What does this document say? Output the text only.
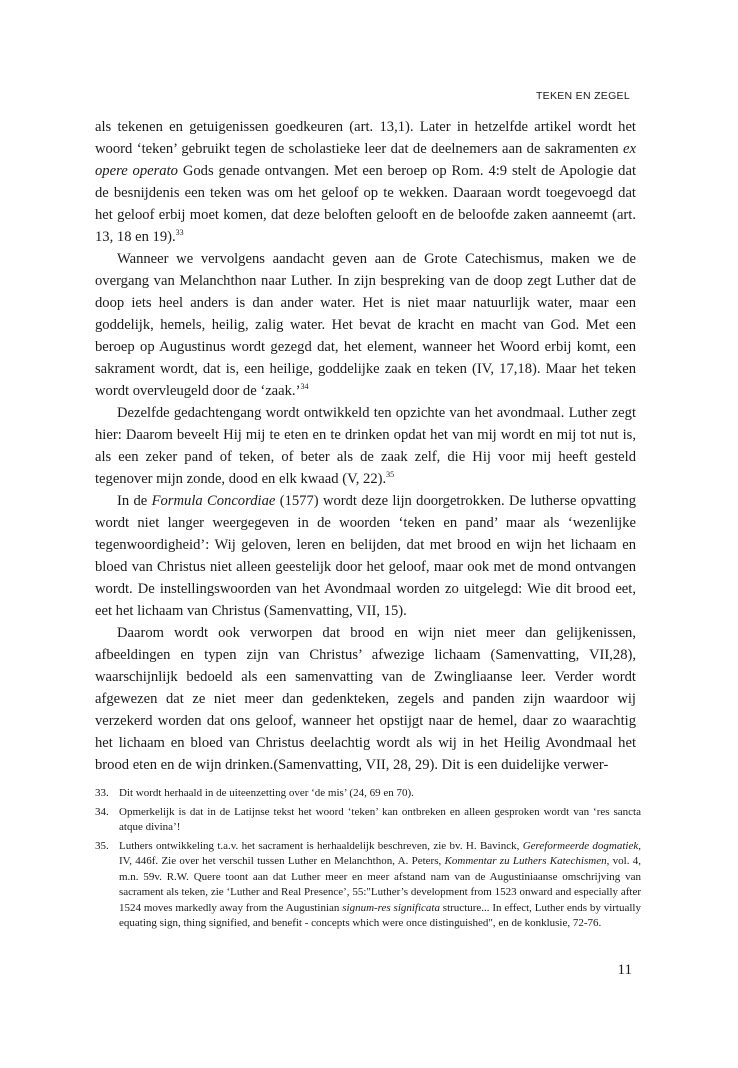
TEKEN EN ZEGEL

als tekenen en getuigenissen goedkeuren (art. 13,1). Later in hetzelfde artikel wordt het woord ‘teken’ gebruikt tegen de scholastieke leer dat de deelnemers aan de sakramenten ex opere operato Gods genade ontvangen. Met een beroep op Rom. 4:9 stelt de Apologie dat de besnijdenis een teken was om het geloof op te wekken. Daaraan wordt toegevoegd dat het geloof erbij moet komen, dat deze beloften gelooft en de beloofde zaken aanneemt (art. 13, 18 en 19).$^{33}$

Wanneer we vervolgens aandacht geven aan de Grote Catechismus, maken we de overgang van Melanchthon naar Luther. In zijn bespreking van de doop zegt Luther dat de doop iets heel anders is dan ander water. Het is niet maar natuurlijk water, maar een goddelijk, hemels, heilig, zalig water. Het bevat de kracht en macht van God. Met een beroep op Augustinus wordt gezegd dat, het element, wanneer het Woord erbij komt, een sakrament wordt, dat is, een heilige, goddelijke zaak en teken (IV, 17,18). Maar het teken wordt overvleugeld door de ‘zaak.’$^{34}$

Dezelfde gedachtengang wordt ontwikkeld ten opzichte van het avondmaal. Luther zegt hier: Daarom beveelt Hij mij te eten en te drinken opdat het van mij wordt en mij tot nut is, als een zeker pand of teken, of beter als de zaak zelf, die Hij voor mij heeft gesteld tegenover mijn zonde, dood en elk kwaad (V, 22).$^{35}$

In de Formula Concordiae (1577) wordt deze lijn doorgetrokken. De lutherse opvatting wordt niet langer weergegeven in de woorden ‘teken en pand’ maar als ‘wezenlijke tegenwoordigheid’: Wij geloven, leren en belijden, dat met brood en wijn het lichaam en bloed van Christus niet alleen geestelijk door het geloof, maar ook met de mond ontvangen wordt. De instellingswoorden van het Avondmaal worden zo uitgelegd: Wie dit brood eet, eet het lichaam van Christus (Samenvatting, VII, 15).

Daarom wordt ook verworpen dat brood en wijn niet meer dan gelijkenissen, afbeeldingen en typen zijn van Christus’ afwezige lichaam (Samenvatting, VII,28), waarschijnlijk bedoeld als een samenvatting van de Zwingliaanse leer. Verder wordt afgewezen dat ze niet meer dan gedenkteken, zegels and panden zijn waardoor wij verzekerd worden dat ons geloof, wanneer het opstijgt naar de hemel, daar zo waarachtig het lichaam en bloed van Christus deelachtig wordt als wij in het Heilig Avondmaal het brood eten en de wijn drinken.(Samenvatting, VII, 28, 29). Dit is een duidelijke verwer-

33. Dit wordt herhaald in de uiteenzetting over ‘de mis’ (24, 69 en 70).
34. Opmerkelijk is dat in de Latijnse tekst het woord ‘teken’ kan ontbreken en alleen gesproken wordt van ‘res sancta atque divina’!
35. Luthers ontwikkeling t.a.v. het sacrament is herhaaldelijk beschreven, zie bv. H. Bavinck, Gereformeerde dogmatiek, IV, 446f. Zie over het verschil tussen Luther en Melanchthon, A. Peters, Kommentar zu Luthers Katechismen, vol. 4, m.n. 59v. R.W. Quere toont aan dat Luther meer en meer afstand nam van de Augustiniaanse omschrijving van sacrament als teken, zie ‘Luther and Real Presence’, 55:"Luther’s development from 1523 onward and especially after 1524 moves markedly away from the Augustinian signum-res significata structure... In effect, Luther ends by virtually equating sign, thing signified, and benefit - concepts which were once distinguished", en de konklusie, 72-76.
11
